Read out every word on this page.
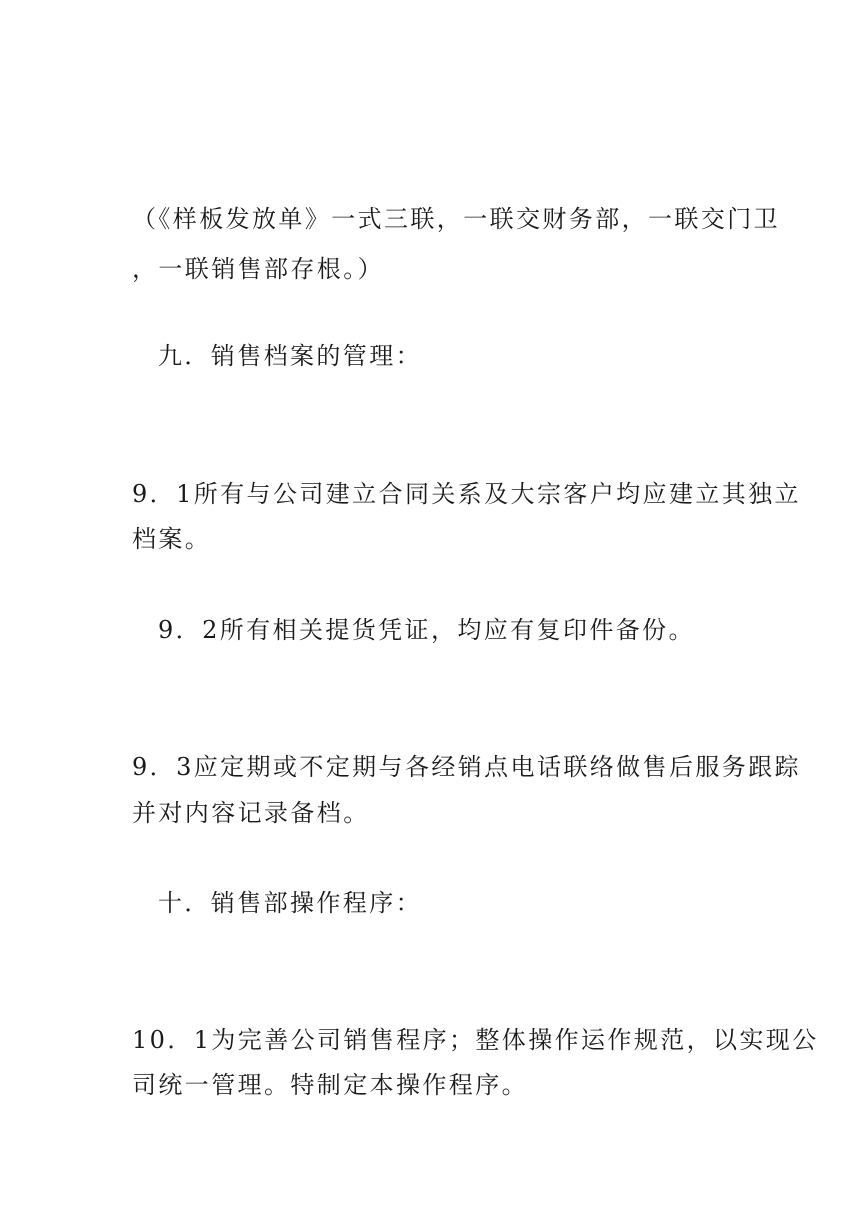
（《样板发放单》一式三联，一联交财务部，一联交门卫

，一联销售部存根。）

九．销售档案的管理：

9．1所有与公司建立合同关系及大宗客户均应建立其独立

档案。

9．2所有相关提货凭证，均应有复印件备份。

9．3应定期或不定期与各经销点电话联络做售后服务跟踪

并对内容记录备档。

十．销售部操作程序：

10．1为完善公司销售程序；整体操作运作规范，以实现公

司统一管理。特制定本操作程序。
